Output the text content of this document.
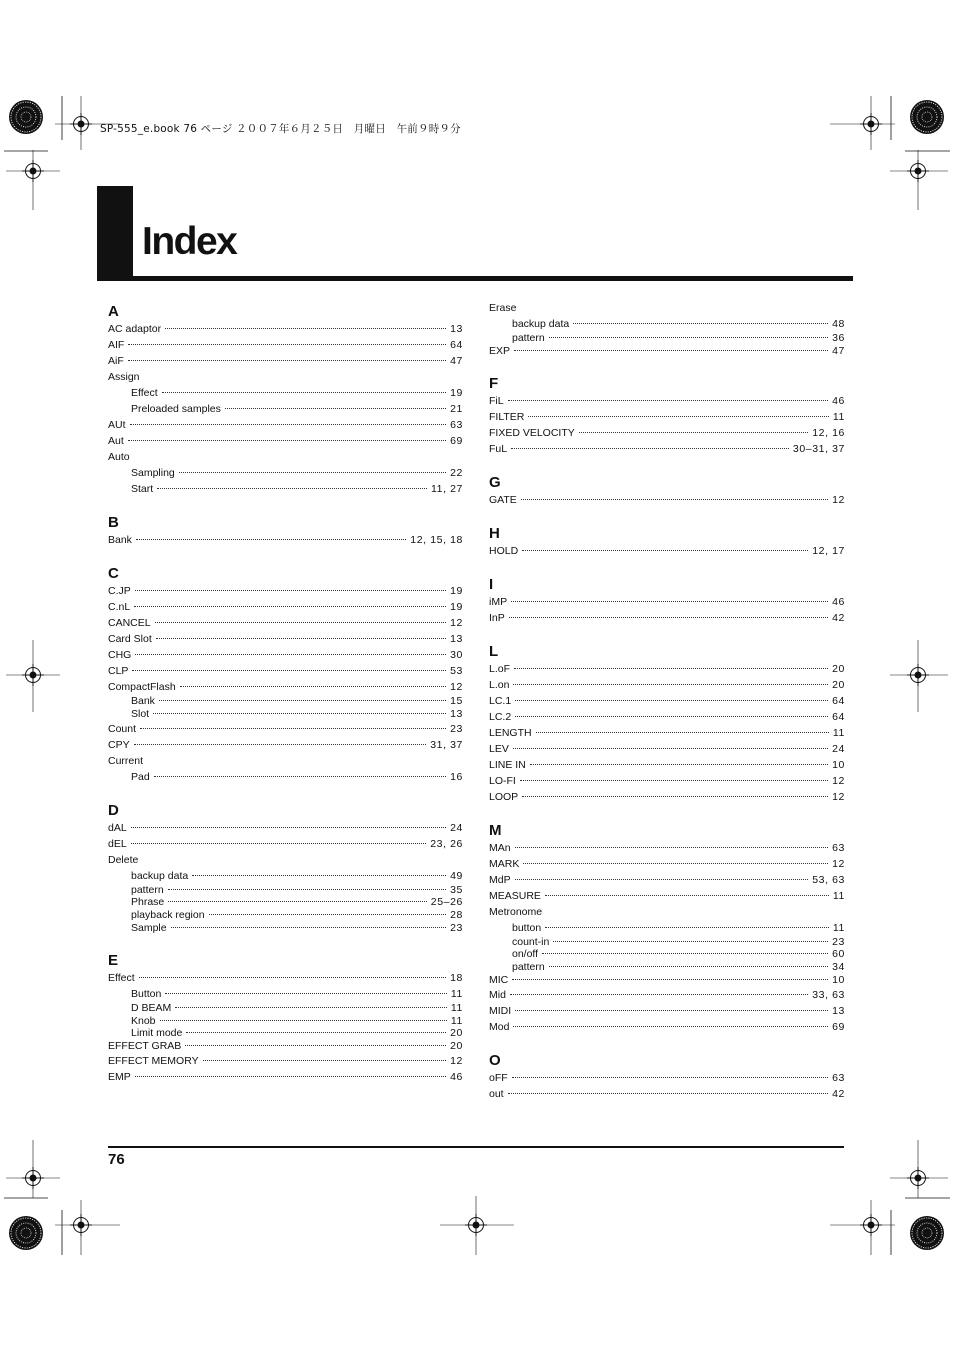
SP-555_e.book 76 ページ ２００７年６月２５日　月曜日　午前９時９分
Index
A
AC adaptor	13
AIF	64
AiF	47
Assign
Effect	19
Preloaded samples	21
AUt	63
Aut	69
Auto
Sampling	22
Start	11, 27
B
Bank	12, 15, 18
C
C.JP	19
C.nL	19
CANCEL	12
Card Slot	13
CHG	30
CLP	53
CompactFlash	12
Bank	15
Slot	13
Count	23
CPY	31, 37
Current
Pad	16
D
dAL	24
dEL	23, 26
Delete
backup data	49
pattern	35
Phrase	25–26
playback region	28
Sample	23
E
Effect	18
Button	11
D BEAM	11
Knob	11
Limit mode	20
EFFECT GRAB	20
EFFECT MEMORY	12
EMP	46
Erase
backup data	48
pattern	36
EXP	47
F
FiL	46
FILTER	11
FIXED VELOCITY	12, 16
FuL	30–31, 37
G
GATE	12
H
HOLD	12, 17
I
iMP	46
InP	42
L
L.oF	20
L.on	20
LC.1	64
LC.2	64
LENGTH	11
LEV	24
LINE IN	10
LO-FI	12
LOOP	12
M
MAn	63
MARK	12
MdP	53, 63
MEASURE	11
Metronome
button	11
count-in	23
on/off	60
pattern	34
MIC	10
Mid	33, 63
MIDI	13
Mod	69
O
oFF	63
out	42
76
